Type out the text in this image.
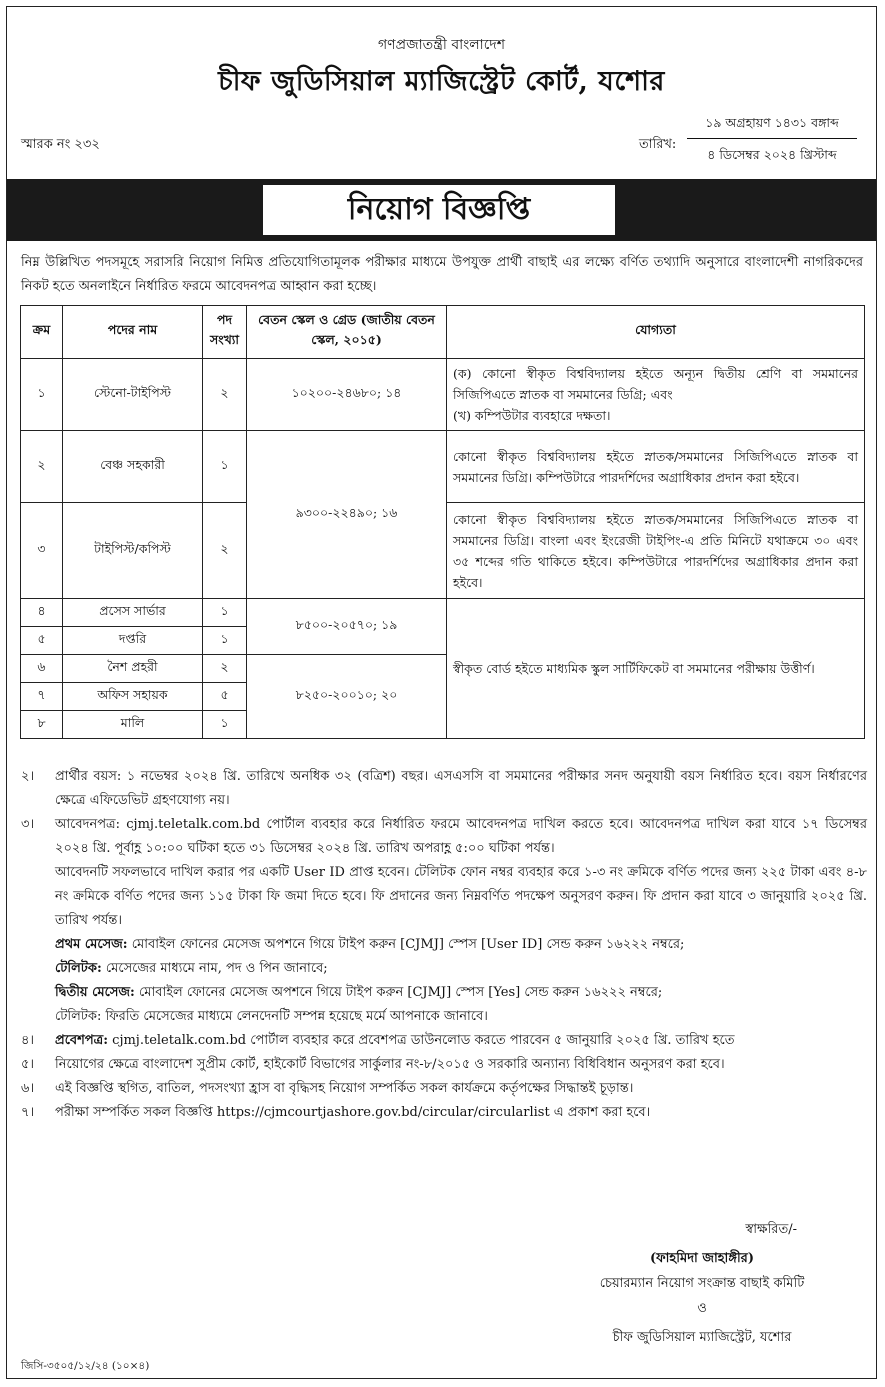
গণপ্রজাতন্ত্রী বাংলাদেশ
চীফ জুডিসিয়াল ম্যাজিস্ট্রেট কোর্ট, যশোর
স্মারক নং ২৩২	তারিখ:
১৯ অগ্রহায়ণ ১৪৩১ বঙ্গাব্দ
৪ ডিসেম্বর ২০২৪ খ্রিস্টাব্দ
নিয়োগ বিজ্ঞপ্তি
নিম্ন উল্লিখিত পদসমূহে সরাসরি নিয়োগ নিমিত্ত প্রতিযোগিতামূলক পরীক্ষার মাধ্যমে উপযুক্ত প্রার্থী বাছাই এর লক্ষ্যে বর্ণিত তথ্যাদি অনুসারে বাংলাদেশী নাগরিকদের নিকট হতে অনলাইনে নির্ধারিত ফরমে আবেদনপত্র আহ্বান করা হচ্ছে।
ক্রম	পদের নাম	পদ সংখ্যা	বেতন স্কেল ও গ্রেড (জাতীয় বেতন স্কেল, ২০১৫)	যোগ্যতা
১	স্টেনো-টাইপিস্ট	২	১০২০০-২৪৬৮০; ১৪	(ক) কোনো স্বীকৃত বিশ্ববিদ্যালয় হইতে অন্যূন দ্বিতীয় শ্রেণি বা সমমানের সিজিপিএতে স্নাতক বা সমমানের ডিগ্রি; এবং
(খ) কম্পিউটার ব্যবহারে দক্ষতা।

২	বেঞ্চ সহকারী	১	৯৩০০-২২৪৯০; ১৬	কোনো স্বীকৃত বিশ্ববিদ্যালয় হইতে স্নাতক/সমমানের সিজিপিএতে স্নাতক বা সমমানের ডিগ্রি। কম্পিউটারে পারদর্শিদের অগ্রাধিকার প্রদান করা হইবে।
৩	টাইপিস্ট/কপিস্ট	২		কোনো স্বীকৃত বিশ্ববিদ্যালয় হইতে স্নাতক/সমমানের সিজিপিএতে স্নাতক বা সমমানের ডিগ্রি। বাংলা এবং ইংরেজী টাইপিং-এ প্রতি মিনিটে যথাক্রমে ৩০ এবং ৩৫ শব্দের গতি থাকিতে হইবে। কম্পিউটারে পারদর্শিদের অগ্রাধিকার প্রদান করা হইবে।
৪	প্রসেস সার্ভার	১	৮৫০০-২০৫৭০; ১৯	স্বীকৃত বোর্ড হইতে মাধ্যমিক স্কুল সার্টিফিকেট বা সমমানের পরীক্ষায় উত্তীর্ণ।
৫	দপ্তরি	১		
৬	নৈশ প্রহরী	২	৮২৫০-২০০১০; ২০	
৭	অফিস সহায়ক	৫		
৮	মালি	১		
২।	প্রার্থীর বয়স: ১ নভেম্বর ২০২৪ খ্রি. তারিখে অনধিক ৩২ (বত্রিশ) বছর। এসএসসি বা সমমানের পরীক্ষার সনদ অনুযায়ী বয়স নির্ধারিত হবে। বয়স নির্ধারণের ক্ষেত্রে এফিডেভিট গ্রহণযোগ্য নয়।
৩।	আবেদনপত্র: cjmj.teletalk.com.bd পোর্টাল ব্যবহার করে নির্ধারিত ফরমে আবেদনপত্র দাখিল করতে হবে। আবেদনপত্র দাখিল করা যাবে ১৭ ডিসেম্বর ২০২৪ খ্রি. পূর্বাহ্ণ ১০:০০ ঘটিকা হতে ৩১ ডিসেম্বর ২০২৪ খ্রি. তারিখ অপরাহ্ণ ৫:০০ ঘটিকা পর্যন্ত।
আবেদনটি সফলভাবে দাখিল করার পর একটি User ID প্রাপ্ত হবেন। টেলিটক ফোন নম্বর ব্যবহার করে ১-৩ নং ক্রমিকে বর্ণিত পদের জন্য ২২৫ টাকা এবং ৪-৮ নং ক্রমিকে বর্ণিত পদের জন্য ১১৫ টাকা ফি জমা দিতে হবে। ফি প্রদানের জন্য নিম্নবর্ণিত পদক্ষেপ অনুসরণ করুন। ফি প্রদান করা যাবে ৩ জানুয়ারি ২০২৫ খ্রি. তারিখ পর্যন্ত।
প্রথম মেসেজ: মোবাইল ফোনের মেসেজ অপশনে গিয়ে টাইপ করুন [CJMJ] স্পেস [User ID] সেন্ড করুন ১৬২২২ নম্বরে;
টেলিটক: মেসেজের মাধ্যমে নাম, পদ ও পিন জানাবে;
দ্বিতীয় মেসেজ: মোবাইল ফোনের মেসেজ অপশনে গিয়ে টাইপ করুন [CJMJ] স্পেস [Yes] সেন্ড করুন ১৬২২২ নম্বরে;
টেলিটক: ফিরতি মেসেজের মাধ্যমে লেনদেনটি সম্পন্ন হয়েছে মর্মে আপনাকে জানাবে।
৪।	প্রবেশপত্র: cjmj.teletalk.com.bd পোর্টাল ব্যবহার করে প্রবেশপত্র ডাউনলোড করতে পারবেন ৫ জানুয়ারি ২০২৫ খ্রি. তারিখ হতে
৫।	নিয়োগের ক্ষেত্রে বাংলাদেশ সুপ্রীম কোর্ট, হাইকোর্ট বিভাগের সার্কুলার নং-৮/২০১৫ ও সরকারি অন্যান্য বিধিবিধান অনুসরণ করা হবে।
৬।	এই বিজ্ঞপ্তি স্থগিত, বাতিল, পদসংখ্যা হ্রাস বা বৃদ্ধিসহ নিয়োগ সম্পর্কিত সকল কার্যক্রমে কর্তৃপক্ষের সিদ্ধান্তই চূড়ান্ত।
৭।	পরীক্ষা সম্পর্কিত সকল বিজ্ঞপ্তি https://cjmcourtjashore.gov.bd/circular/circularlist এ প্রকাশ করা হবে।
স্বাক্ষরিত/-
(ফাহমিদা জাহাঙ্গীর)
চেয়ারম্যান নিয়োগ সংক্রান্ত বাছাই কমিটি
ও
চীফ জুডিসিয়াল ম্যাজিস্ট্রেট, যশোর
জিসি-৩৫০৫/১২/২৪ (১০×৪)
